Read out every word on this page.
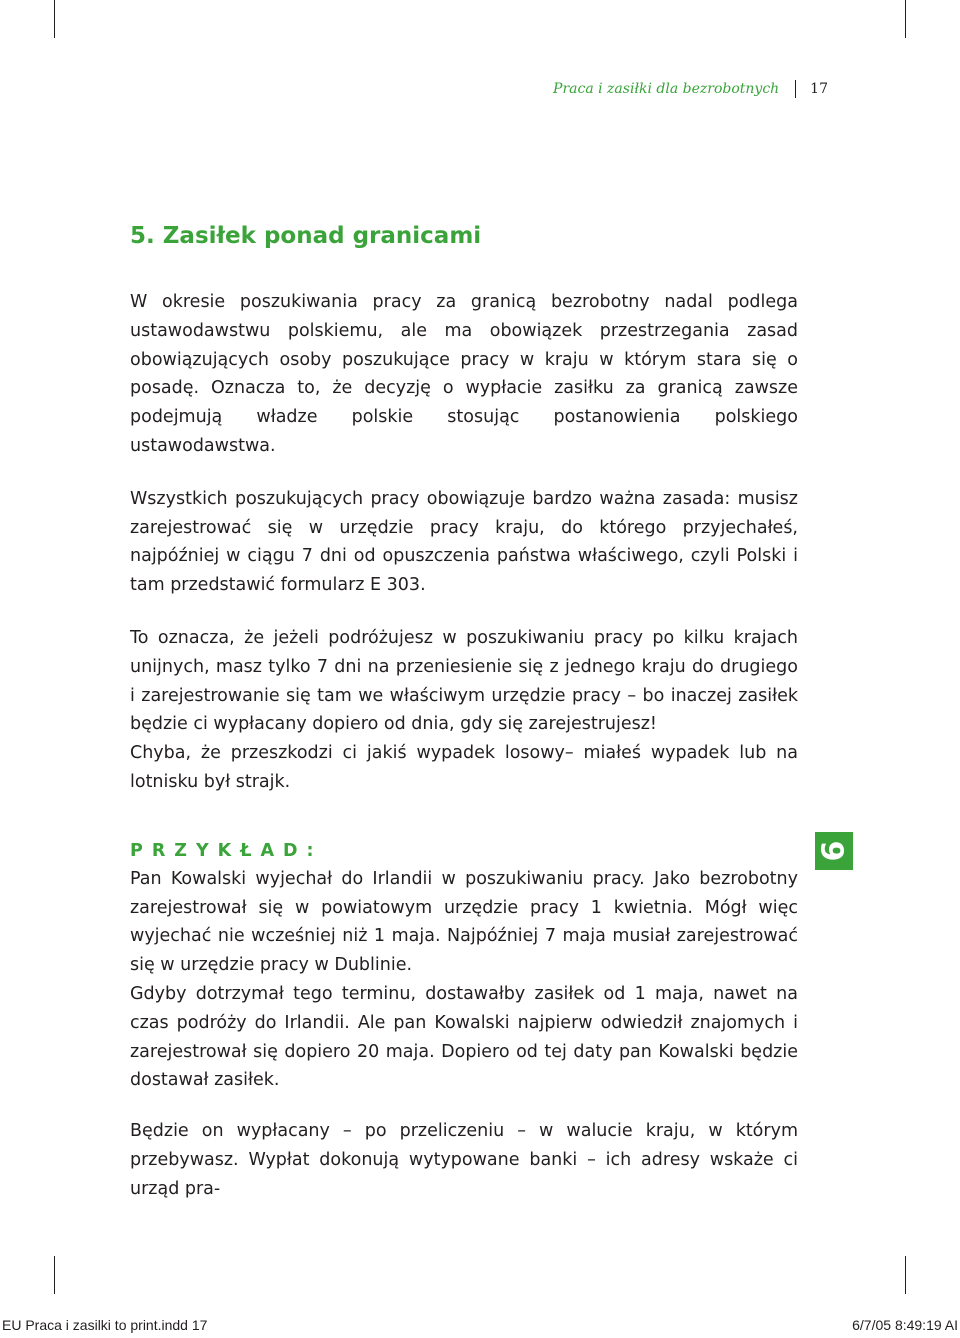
Praca i zasiłki dla bezrobotnych 17
5. Zasiłek ponad granicami

W okresie poszukiwania pracy za granicą bezrobotny nadal podlega ustawodawstwu polskiemu, ale ma obowiązek przestrzegania zasad obowiązujących osoby poszukujące pracy w kraju w którym stara się o posadę. Oznacza to, że decyzję o wypłacie zasiłku za granicą zawsze podejmują władze polskie stosując postanowienia polskiego ustawodawstwa.

Wszystkich poszukujących pracy obowiązuje bardzo ważna zasada: musisz zarejestrować się w urzędzie pracy kraju, do którego przyjechałeś, najpóźniej w ciągu 7 dni od opuszczenia państwa właściwego, czyli Polski i tam przedstawić formularz E 303.

To oznacza, że jeżeli podróżujesz w poszukiwaniu pracy po kilku krajach unijnych, masz tylko 7 dni na przeniesienie się z jednego kraju do drugiego i zarejestrowanie się tam we właściwym urzędzie pracy – bo inaczej zasiłek będzie ci wypłacany dopiero od dnia, gdy się zarejestrujesz!

Chyba, że przeszkodzi ci jakiś wypadek losowy– miałeś wypadek lub na lotnisku był strajk.

PRZYKŁAD:

Pan Kowalski wyjechał do Irlandii w poszukiwaniu pracy. Jako bezrobotny zarejestrował się w powiatowym urzędzie pracy 1 kwietnia. Mógł więc wyjechać nie wcześniej niż 1 maja. Najpóźniej 7 maja musiał zarejestrować się w urzędzie pracy w Dublinie.

Gdyby dotrzymał tego terminu, dostawałby zasiłek od 1 maja, nawet na czas podróży do Irlandii. Ale pan Kowalski najpierw odwiedził znajomych i zarejestrował się dopiero 20 maja. Dopiero od tej daty pan Kowalski będzie dostawał zasiłek.

Będzie on wypłacany – po przeliczeniu – w walucie kraju, w którym przebywasz. Wypłat dokonują wytypowane banki – ich adresy wskaże ci urząd pra-

6
EU Praca i zasilki to print.indd 17	6/7/05 8:49:19 AI
